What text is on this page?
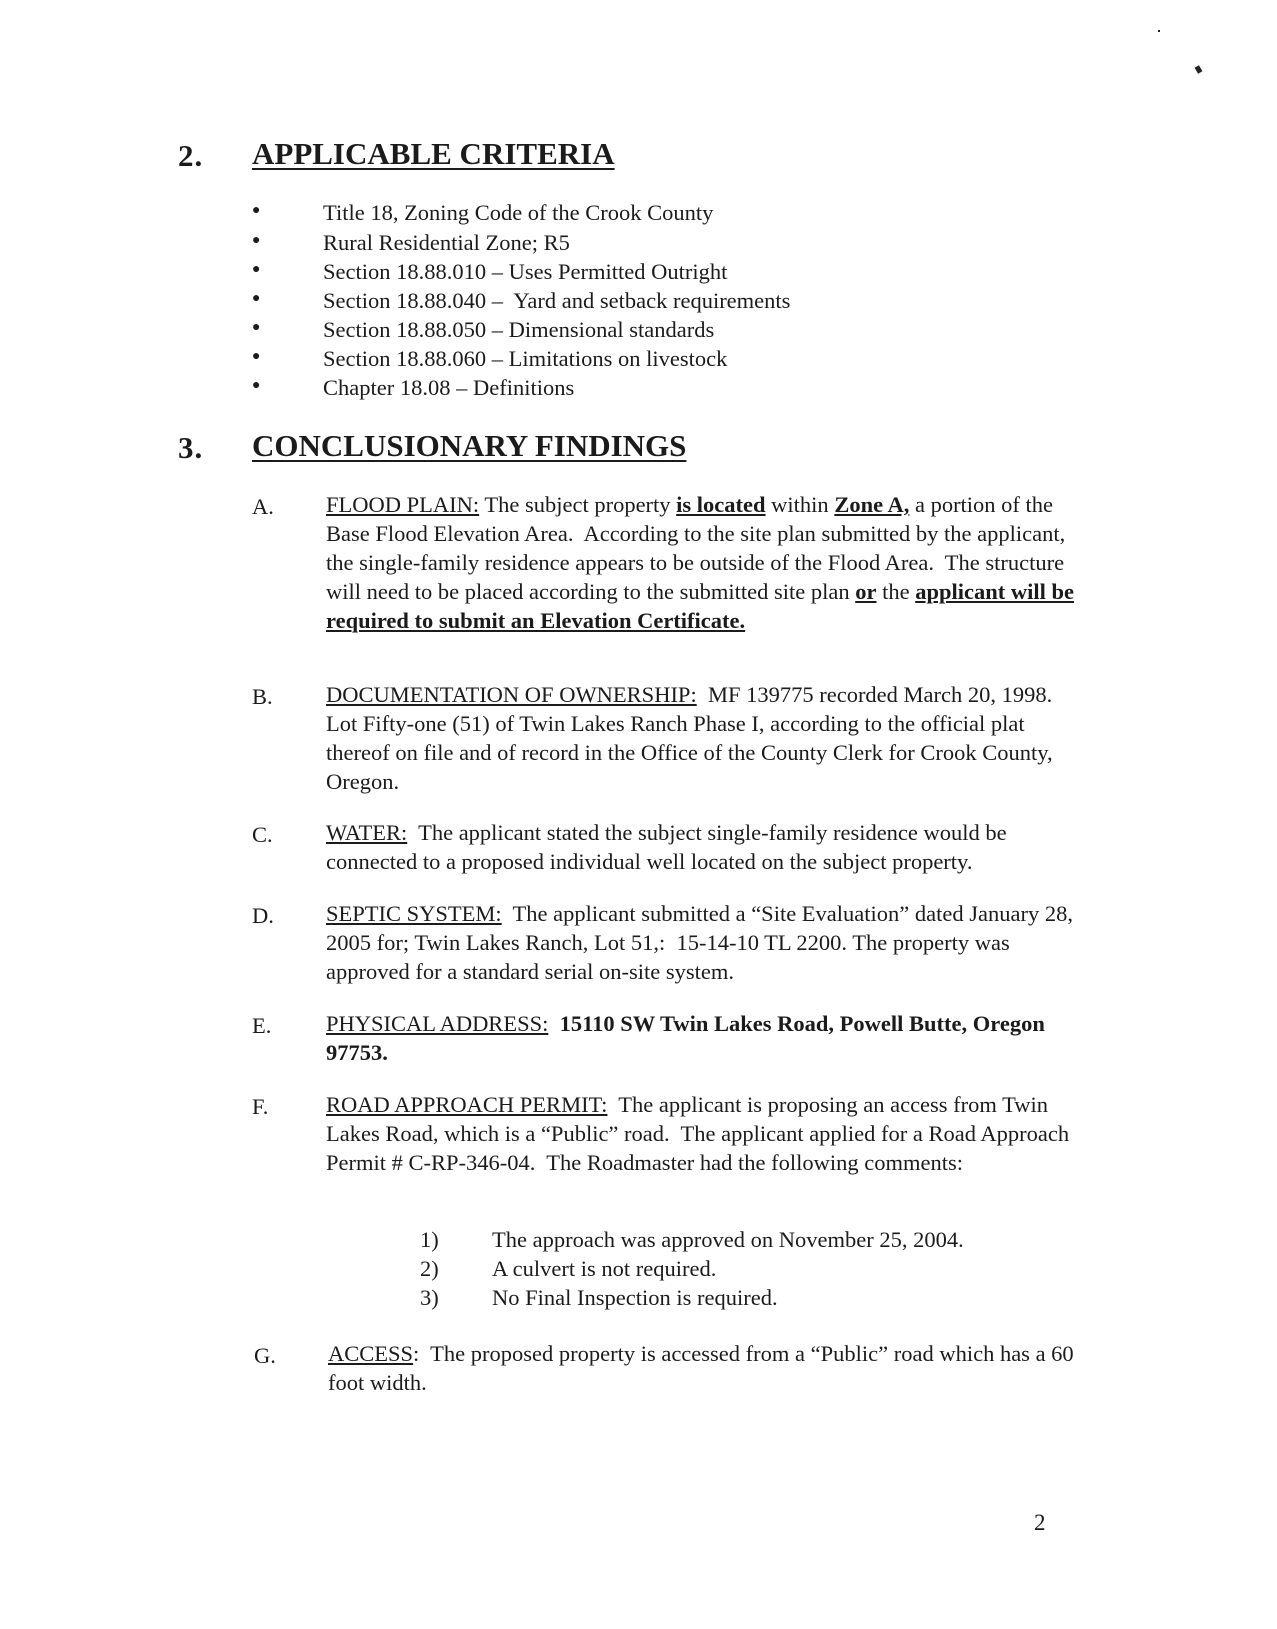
2. APPLICABLE CRITERIA
●	Title 18, Zoning Code of the Crook County
●	Rural Residential Zone; R5
●	Section 18.88.010 – Uses Permitted Outright
●	Section 18.88.040 –  Yard and setback requirements
●	Section 18.88.050 – Dimensional standards
●	Section 18.88.060 – Limitations on livestock
●	Chapter 18.08 – Definitions
3. CONCLUSIONARY FINDINGS
A. FLOOD PLAIN: The subject property is located within Zone A, a portion of the Base Flood Elevation Area.  According to the site plan submitted by the applicant, the single-family residence appears to be outside of the Flood Area.  The structure will need to be placed according to the submitted site plan or the applicant will be required to submit an Elevation Certificate.
B. DOCUMENTATION OF OWNERSHIP:  MF 139775 recorded March 20, 1998.  Lot Fifty-one (51) of Twin Lakes Ranch Phase I, according to the official plat thereof on file and of record in the Office of the County Clerk for Crook County, Oregon.
C. WATER:  The applicant stated the subject single-family residence would be connected to a proposed individual well located on the subject property.
D. SEPTIC SYSTEM:  The applicant submitted a “Site Evaluation” dated January 28, 2005 for; Twin Lakes Ranch, Lot 51,:  15-14-10 TL 2200. The property was approved for a standard serial on-site system.
E. PHYSICAL ADDRESS: 15110 SW Twin Lakes Road, Powell Butte, Oregon 97753.
F.	ROAD APPROACH PERMIT:  The applicant is proposing an access from Twin Lakes Road, which is a “Public” road.  The applicant applied for a Road Approach Permit # C-RP-346-04.  The Roadmaster had the following comments:
1) The approach was approved on November 25, 2004.
2) A culvert is not required.
3) No Final Inspection is required.
G. ACCESS:  The proposed property is accessed from a “Public” road which has a 60 foot width.
2
